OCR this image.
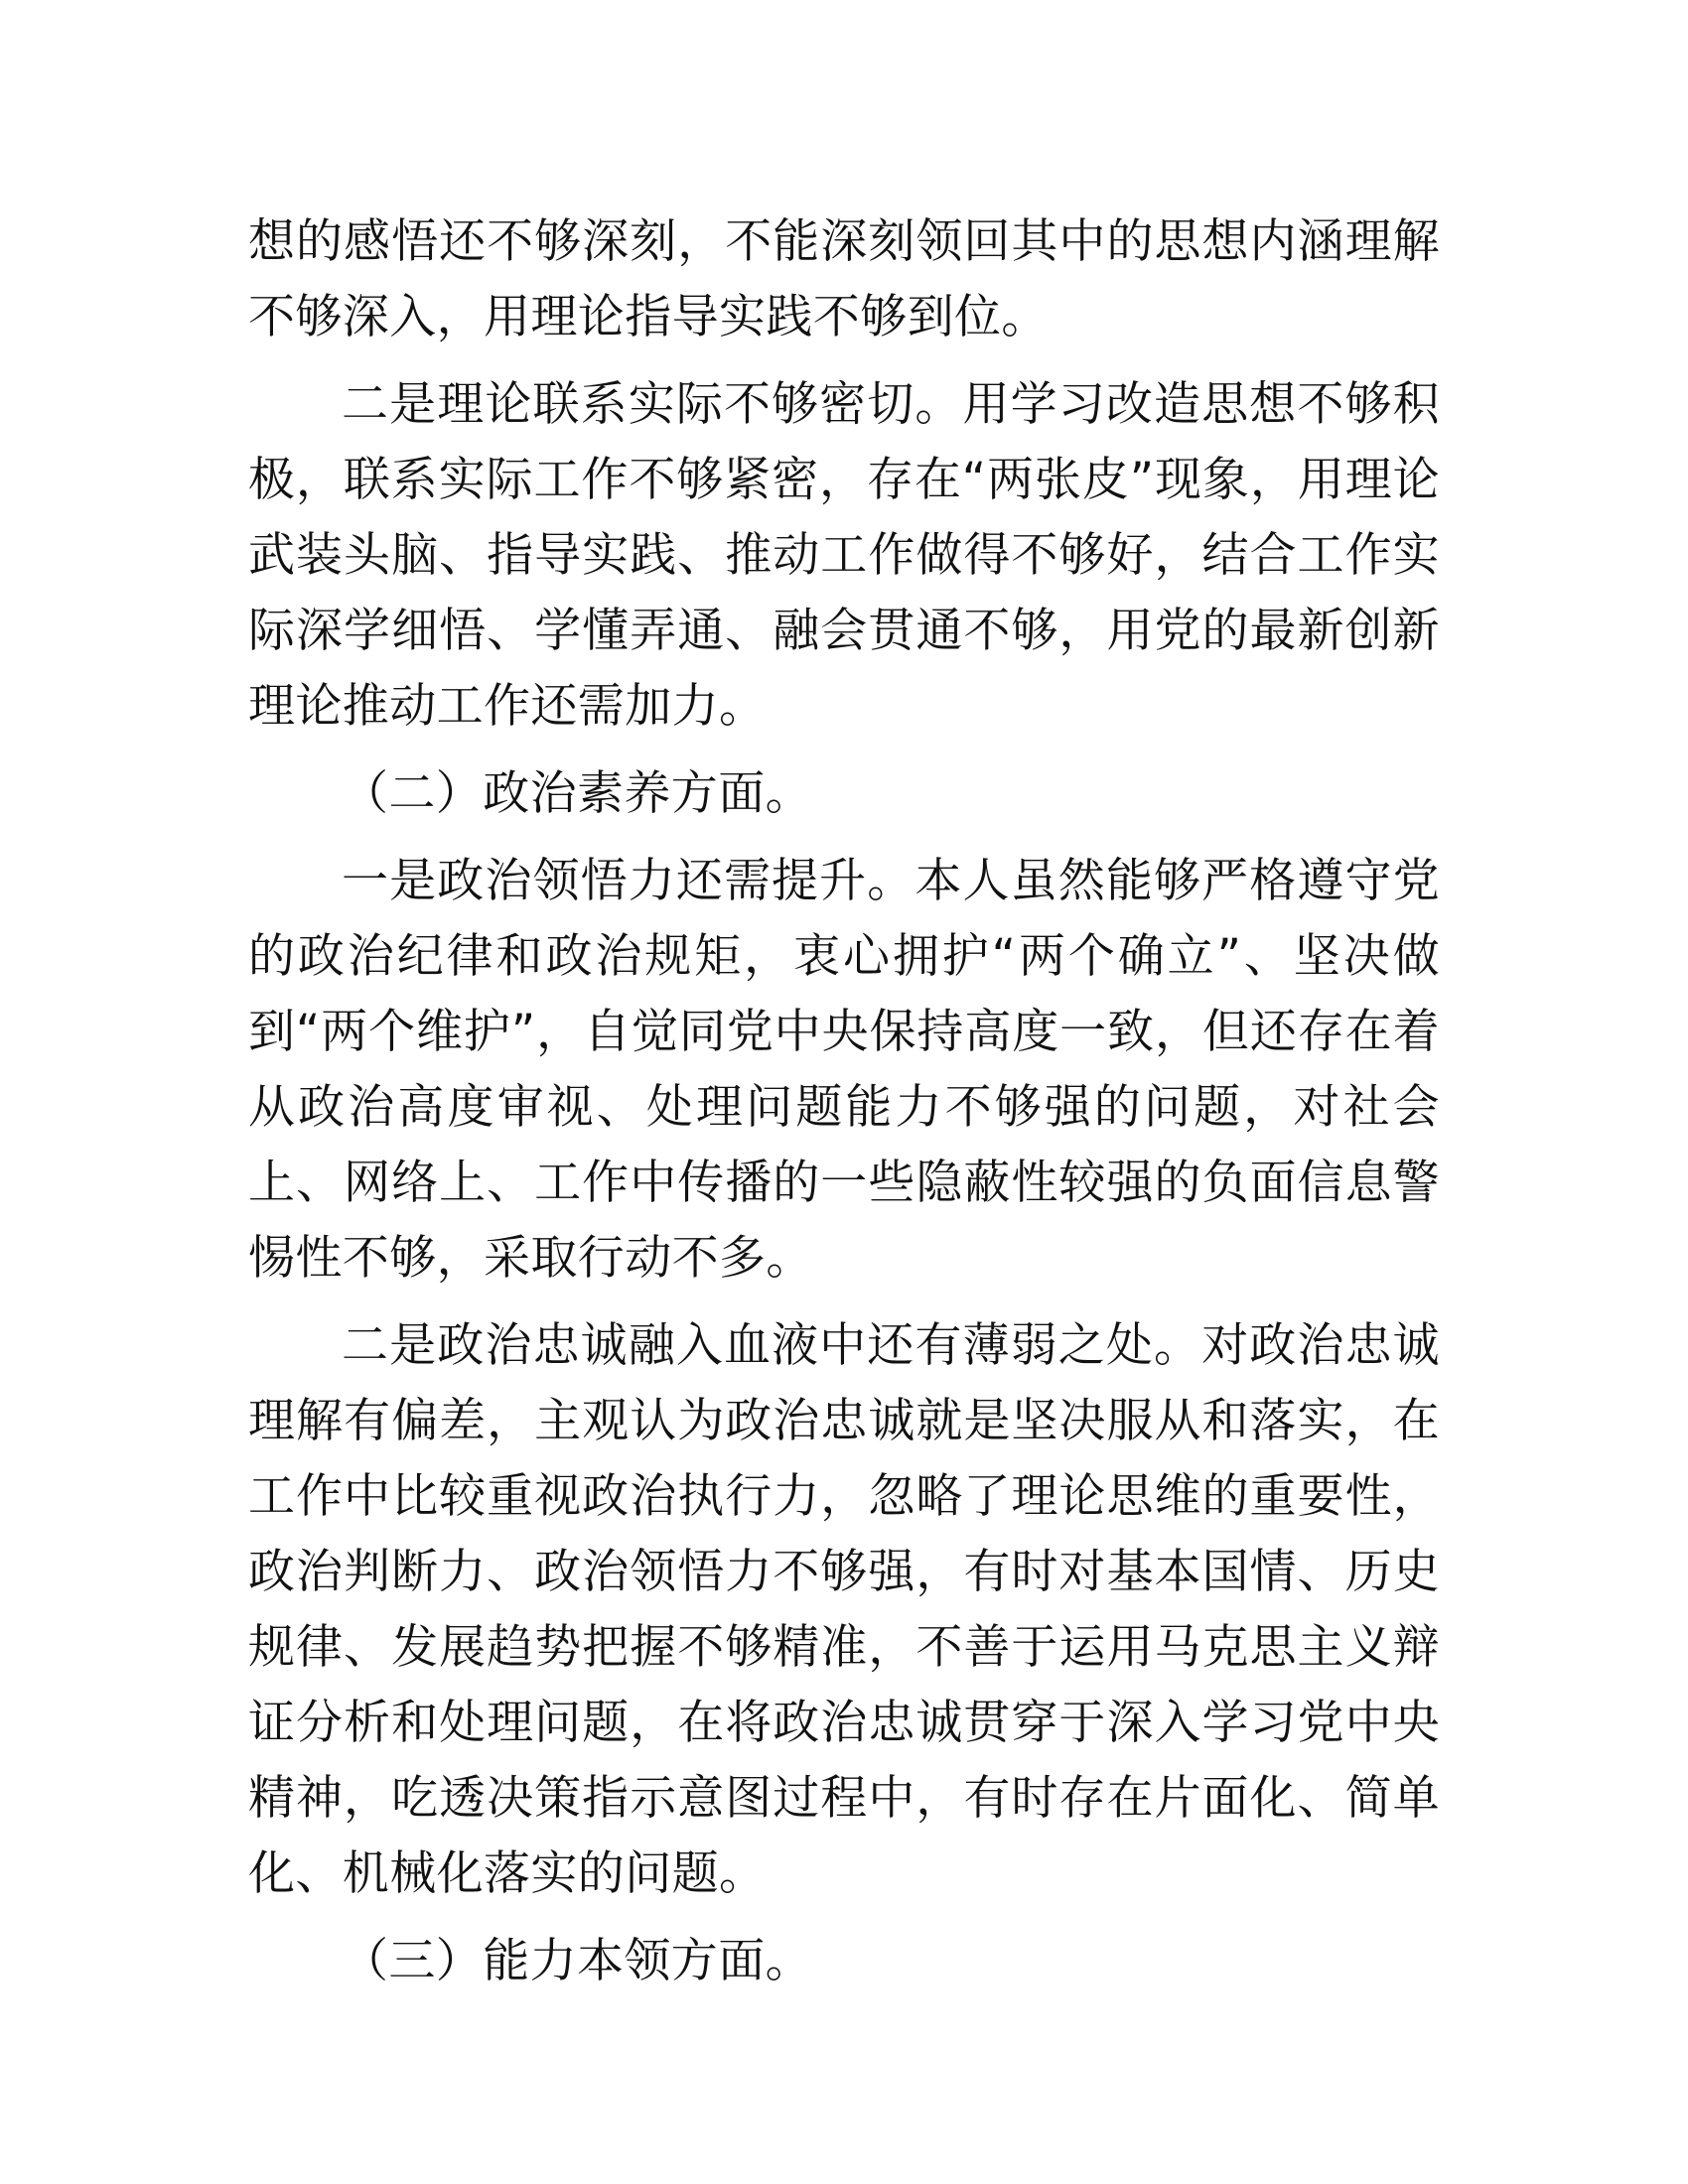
想的感悟还不够深刻，不能深刻领回其中的思想内涵理解不够深入，用理论指导实践不够到位。

二是理论联系实际不够密切。用学习改造思想不够积极，联系实际工作不够紧密，存在“两张皮”现象，用理论武装头脑、指导实践、推动工作做得不够好，结合工作实际深学细悟、学懂弄通、融会贯通不够，用党的最新创新理论推动工作还需加力。

（二）政治素养方面。

一是政治领悟力还需提升。本人虽然能够严格遵守党的政治纪律和政治规矩，衷心拥护“两个确立”、坚决做到“两个维护”，自觉同党中央保持高度一致，但还存在着从政治高度审视、处理问题能力不够强的问题，对社会上、网络上、工作中传播的一些隐蔽性较强的负面信息警惕性不够，采取行动不多。

二是政治忠诚融入血液中还有薄弱之处。对政治忠诚理解有偏差，主观认为政治忠诚就是坚决服从和落实，在工作中比较重视政治执行力，忽略了理论思维的重要性，政治判断力、政治领悟力不够强，有时对基本国情、历史规律、发展趋势把握不够精准，不善于运用马克思主义辩证分析和处理问题，在将政治忠诚贯穿于深入学习党中央精神，吃透决策指示意图过程中，有时存在片面化、简单化、机械化落实的问题。

（三）能力本领方面。
